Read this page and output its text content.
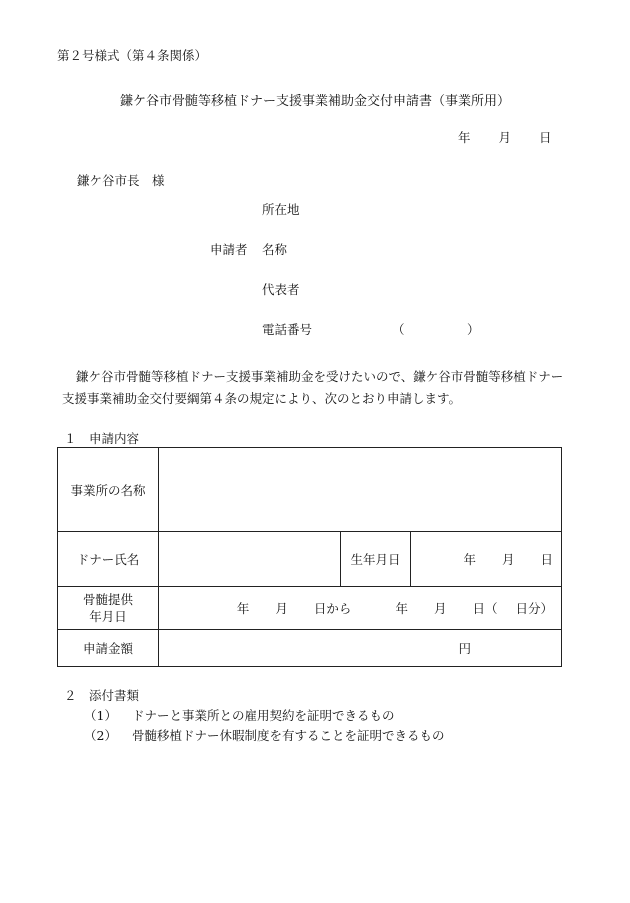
第２号様式（第４条関係）
鎌ケ谷市骨髄等移植ドナー支援事業補助金交付申請書（事業所用）
年 月 日
鎌ケ谷市長　様
所在地
申請者 名称
代表者
電話番号	（　　　　　）
鎌ケ谷市骨髄等移植ドナー支援事業補助金を受けたいので、鎌ケ谷市骨髄等移植ドナー支援事業補助金交付要綱第４条の規定により、次のとおり申請します。
１　申請内容
事業所の名称			
ドナー氏名		生年月日	年 月 日

骨髄提供
年月日	年 月 日から 年 月 日（ 日分）		
申請金額	円		
２　添付書類
（1） ドナーと事業所との雇用契約を証明できるもの
（2） 骨髄移植ドナー休暇制度を有することを証明できるもの
